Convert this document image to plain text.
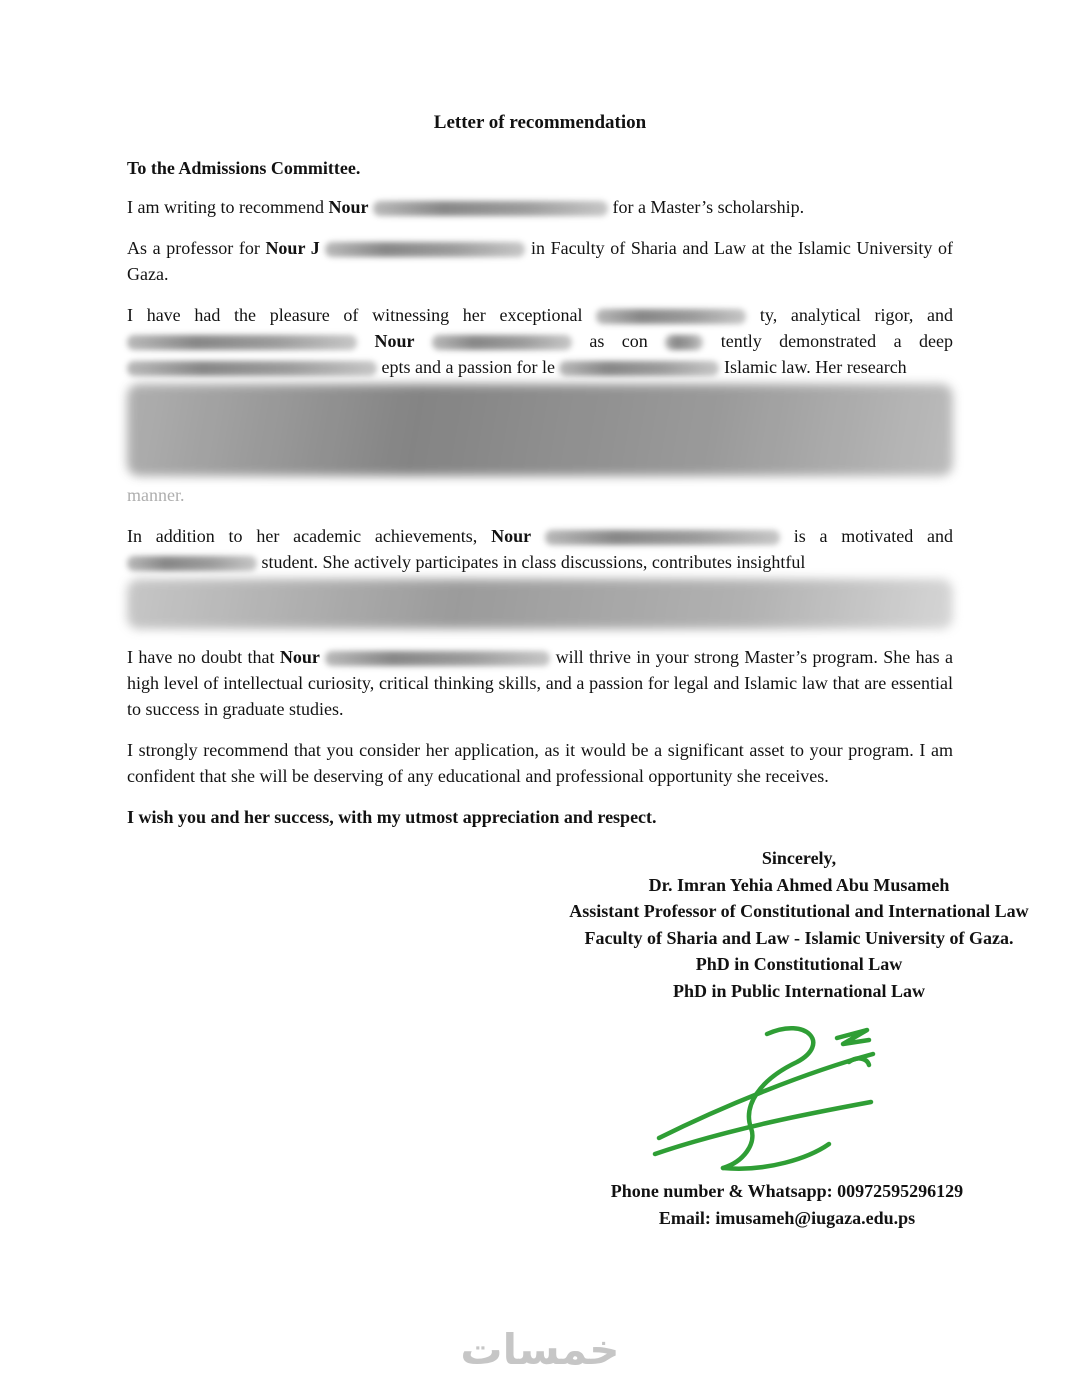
Letter of recommendation
To the Admissions Committee.

I am writing to recommend Nour	for a Master’s scholarship.

As a professor for Nour J	in Faculty of Sharia and Law at the Islamic University of Gaza.

I have had the pleasure of witnessing her exceptional	ty, analytical rigor, and  Nour	as con	tently demonstrated a deep  epts and a passion for le	Islamic law. Her research
manner.

In addition to her academic achievements, Nour	is a motivated and  student. She actively participates in class discussions, contributes insightful

I have no doubt that Nour	will thrive in your strong Master’s program. She has a high level of intellectual curiosity, critical thinking skills, and a passion for legal and Islamic law that are essential to success in graduate studies.

I strongly recommend that you consider her application, as it would be a significant asset to your program. I am confident that she will be deserving of any educational and professional opportunity she receives.

I wish you and her success, with my utmost appreciation and respect.

Sincerely,
Dr. Imran Yehia Ahmed Abu Musameh
Assistant Professor of Constitutional and International Law
Faculty of Sharia and Law - Islamic University of Gaza.
PhD in Constitutional Law
PhD in Public International Law
Phone number & Whatsapp: 00972595296129
Email: imusameh@iugaza.edu.ps
خمسات
